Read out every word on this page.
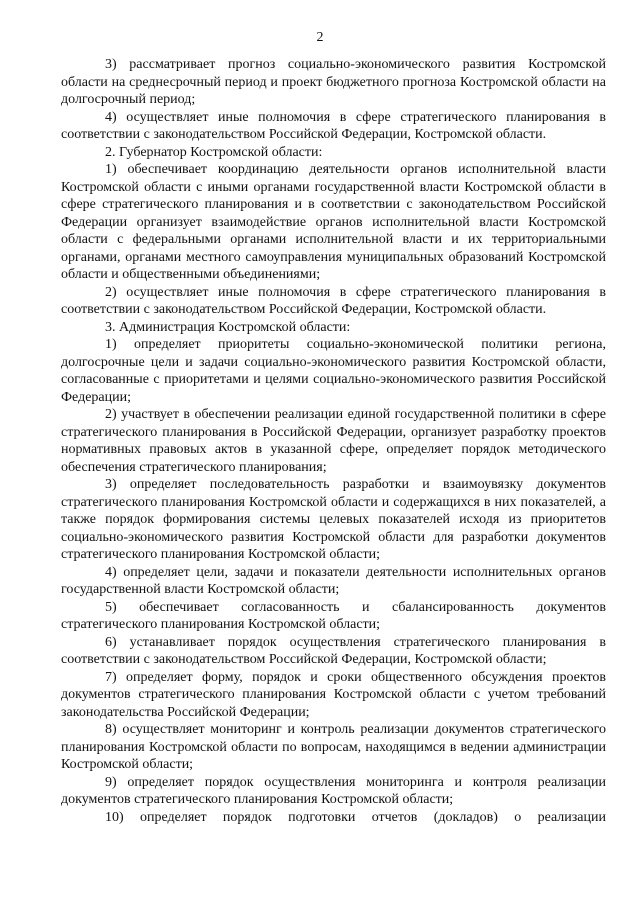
2

3) рассматривает прогноз социально-экономического развития Костромской области на среднесрочный период и проект бюджетного прогноза Костромской области на долгосрочный период;

4) осуществляет иные полномочия в сфере стратегического планирования в соответствии с законодательством Российской Федерации, Костромской области.

2. Губернатор Костромской области:

1) обеспечивает координацию деятельности органов исполнительной власти Костромской области с иными органами государственной власти Костромской области в сфере стратегического планирования и в соответствии с законодательством Российской Федерации организует взаимодействие органов исполнительной власти Костромской области с федеральными органами исполнительной власти и их территориальными органами, органами местного самоуправления муниципальных образований Костромской области и общественными объединениями;

2) осуществляет иные полномочия в сфере стратегического планирования в соответствии с законодательством Российской Федерации, Костромской области.

3. Администрация Костромской области:

1) определяет приоритеты социально-экономической политики региона, долгосрочные цели и задачи социально-экономического развития Костромской области, согласованные с приоритетами и целями социально-экономического развития Российской Федерации;

2) участвует в обеспечении реализации единой государственной политики в сфере стратегического планирования в Российской Федерации, организует разработку проектов нормативных правовых актов в указанной сфере, определяет порядок методического обеспечения стратегического планирования;

3) определяет последовательность разработки и взаимоувязку документов стратегического планирования Костромской области и содержащихся в них показателей, а также порядок формирования системы целевых показателей исходя из приоритетов социально-экономического развития Костромской области для разработки документов стратегического планирования Костромской области;

4) определяет цели, задачи и показатели деятельности исполнительных органов государственной власти Костромской области;

5) обеспечивает согласованность и сбалансированность документов стратегического планирования Костромской области;

6) устанавливает порядок осуществления стратегического планирования в соответствии с законодательством Российской Федерации, Костромской области;

7) определяет форму, порядок и сроки общественного обсуждения проектов документов стратегического планирования Костромской области с учетом требований законодательства Российской Федерации;

8) осуществляет мониторинг и контроль реализации документов стратегического планирования Костромской области по вопросам, находящимся в ведении администрации Костромской области;

9) определяет порядок осуществления мониторинга и контроля реализации документов стратегического планирования Костромской области;

10) определяет порядок подготовки отчетов (докладов) о реализации
